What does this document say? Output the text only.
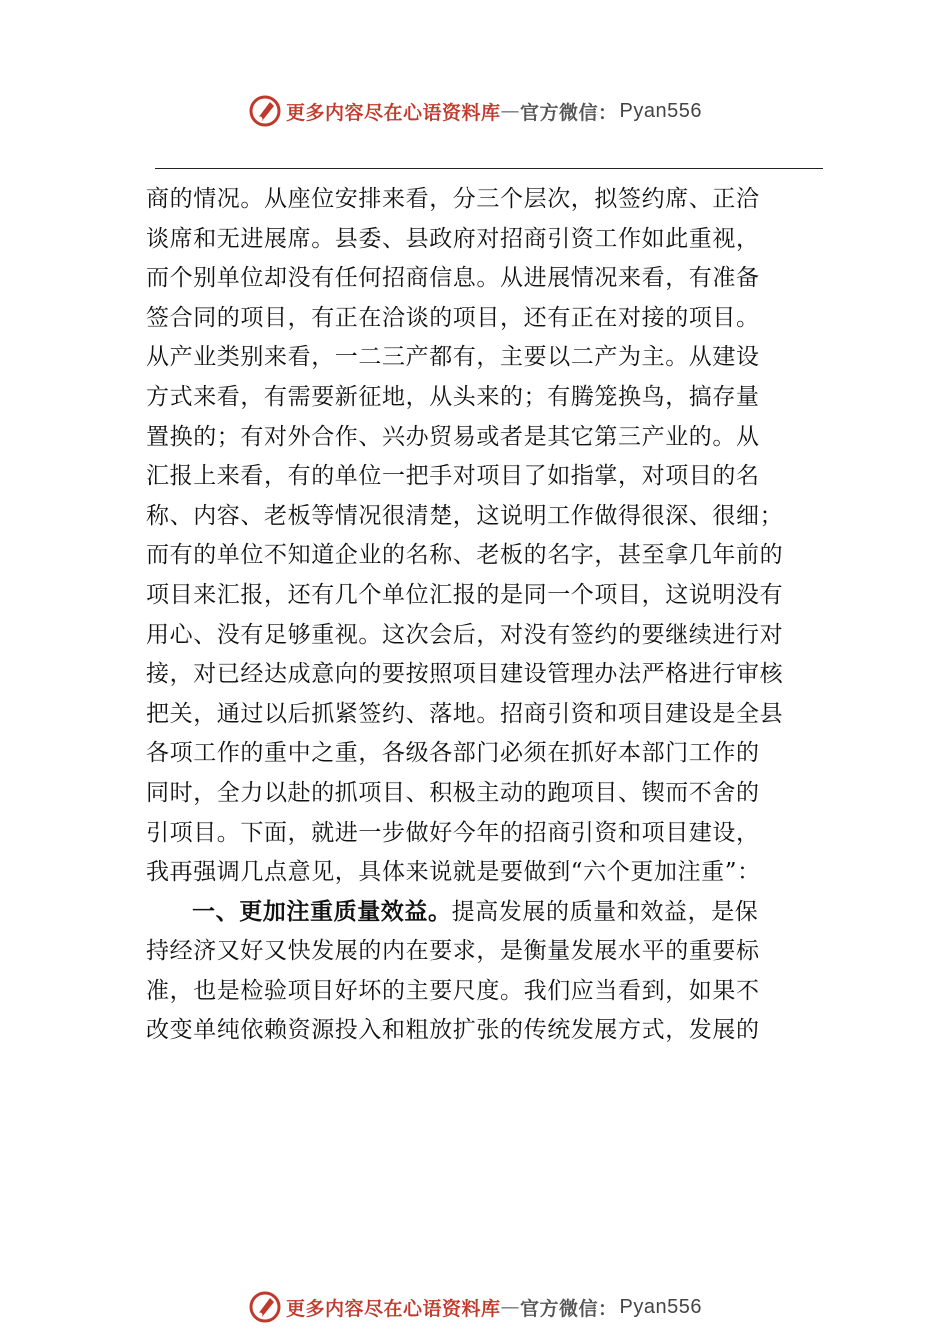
更多内容尽在心语资料库 — 官方微信： Pyan556
商的情况。从座位安排来看，分三个层次，拟签约席、正洽
谈席和无进展席。县委、县政府对招商引资工作如此重视，
而个别单位却没有任何招商信息。从进展情况来看，有准备
签合同的项目，有正在洽谈的项目，还有正在对接的项目。
从产业类别来看，一二三产都有，主要以二产为主。从建设
方式来看，有需要新征地，从头来的；有腾笼换鸟，搞存量
置换的；有对外合作、兴办贸易或者是其它第三产业的。从
汇报上来看，有的单位一把手对项目了如指掌，对项目的名
称、内容、老板等情况很清楚，这说明工作做得很深、很细；
而有的单位不知道企业的名称、老板的名字，甚至拿几年前的
项目来汇报，还有几个单位汇报的是同一个项目，这说明没有
用心、没有足够重视。这次会后，对没有签约的要继续进行对
接，对已经达成意向的要按照项目建设管理办法严格进行审核
把关，通过以后抓紧签约、落地。招商引资和项目建设是全县
各项工作的重中之重，各级各部门必须在抓好本部门工作的
同时，全力以赴的抓项目、积极主动的跑项目、锲而不舍的
引项目。下面，就进一步做好今年的招商引资和项目建设，
我再强调几点意见，具体来说就是要做到“六个更加注重”：
一、更加注重质量效益。提高发展的质量和效益，是保
持经济又好又快发展的内在要求，是衡量发展水平的重要标
准，也是检验项目好坏的主要尺度。我们应当看到，如果不
改变单纯依赖资源投入和粗放扩张的传统发展方式，发展的
更多内容尽在心语资料库 — 官方微信： Pyan556
